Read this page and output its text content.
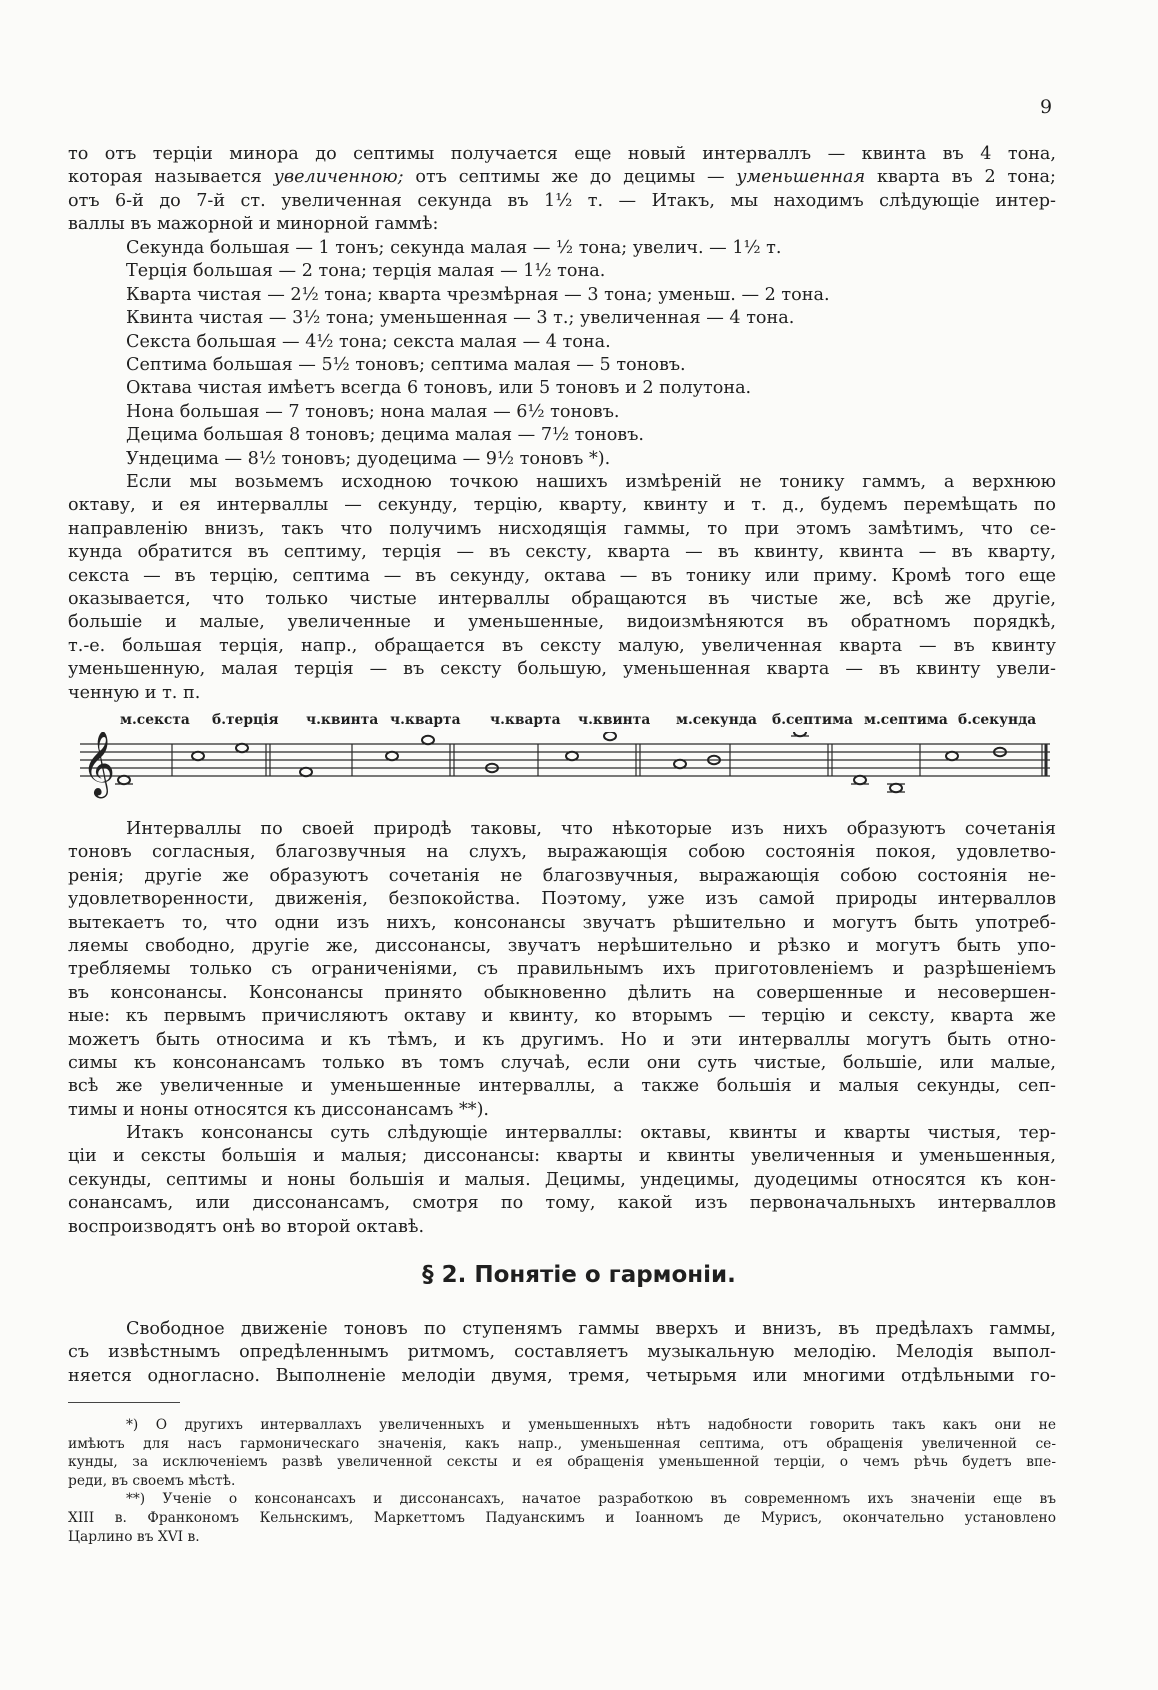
9
то отъ терціи минора до септимы получается еще новый интерваллъ — квинта въ 4 тона,
которая называется увеличенною; отъ септимы же до децимы — уменьшенная кварта въ 2 тона;
отъ 6-й до 7-й ст. увеличенная секунда въ 1½ т. — Итакъ, мы находимъ слѣдующіе интер-
валлы въ мажорной и минорной гаммѣ:
Секунда большая — 1 тонъ; секунда малая — ½ тона; увелич. — 1½ т.
Терція большая — 2 тона; терція малая — 1½ тона.
Кварта чистая — 2½ тона; кварта чрезмѣрная — 3 тона; уменьш. — 2 тона.
Квинта чистая — 3½ тона; уменьшенная — 3 т.; увеличенная — 4 тона.
Секста большая — 4½ тона; секста малая — 4 тона.
Септима большая — 5½ тоновъ; септима малая — 5 тоновъ.
Октава чистая имѣетъ всегда 6 тоновъ, или 5 тоновъ и 2 полутона.
Нона большая — 7 тоновъ; нона малая — 6½ тоновъ.
Децима большая 8 тоновъ; децима малая — 7½ тоновъ.
Ундецима — 8½ тоновъ; дуодецима — 9½ тоновъ *).
Если мы возьмемъ исходною точкою нашихъ измѣреній не тонику гаммъ, а верхнюю
октаву, и ея интерваллы — секунду, терцію, кварту, квинту и т. д., будемъ перемѣщать по
направленію внизъ, такъ что получимъ нисходящія гаммы, то при этомъ замѣтимъ, что се-
кунда обратится въ септиму, терція — въ сексту, кварта — въ квинту, квинта — въ кварту,
секста — въ терцію, септима — въ секунду, октава — въ тонику или приму. Кромѣ того еще
оказывается, что только чистые интерваллы обращаются въ чистые же, всѣ же другіе,
большіе и малые, увеличенные и уменьшенные, видоизмѣняются въ обратномъ порядкѣ,
т.-е. большая терція, напр., обращается въ сексту малую, увеличенная кварта — въ квинту
уменьшенную, малая терція — въ сексту большую, уменьшенная кварта — въ квинту увели-
ченную и т. п.
м.секста б.терція ч.квинта ч.кварта ч.кварта ч.квинта м.секунда б.септима м.септима б.секунда
𝄞
Интерваллы по своей природѣ таковы, что нѣкоторые изъ нихъ образуютъ сочетанія
тоновъ согласныя, благозвучныя на слухъ, выражающія собою состоянія покоя, удовлетво-
ренія; другіе же образуютъ сочетанія не благозвучныя, выражающія собою состоянія не-
удовлетворенности, движенія, безпокойства. Поэтому, уже изъ самой природы интерваллов
вытекаетъ то, что одни изъ нихъ, консонансы звучатъ рѣшительно и могутъ быть употреб-
ляемы свободно, другіе же, диссонансы, звучатъ нерѣшительно и рѣзко и могутъ быть упо-
требляемы только съ ограниченіями, съ правильнымъ ихъ приготовленіемъ и разрѣшеніемъ
въ консонансы. Консонансы принято обыкновенно дѣлить на совершенные и несовершен-
ные: къ первымъ причисляютъ октаву и квинту, ко вторымъ — терцію и сексту, кварта же
можетъ быть относима и къ тѣмъ, и къ другимъ. Но и эти интерваллы могутъ быть отно-
симы къ консонансамъ только въ томъ случаѣ, если они суть чистые, большіе, или малые,
всѣ же увеличенные и уменьшенные интерваллы, а также большія и малыя секунды, сеп-
тимы и ноны относятся къ диссонансамъ **).
Итакъ консонансы суть слѣдующіе интерваллы: октавы, квинты и кварты чистыя, тер-
ціи и сексты большія и малыя; диссонансы: кварты и квинты увеличенныя и уменьшенныя,
секунды, септимы и ноны большія и малыя. Децимы, ундецимы, дуодецимы относятся къ кон-
сонансамъ, или диссонансамъ, смотря по тому, какой изъ первоначальныхъ интерваллов
воспроизводятъ онѣ во второй октавѣ.
§ 2. Понятіе о гармоніи.
Свободное движеніе тоновъ по ступенямъ гаммы вверхъ и внизъ, въ предѣлахъ гаммы,
съ извѣстнымъ опредѣленнымъ ритмомъ, составляетъ музыкальную мелодію. Мелодія выпол-
няется одногласно. Выполненіе мелодіи двумя, тремя, четырьмя или многими отдѣльными го-
*) О другихъ интерваллахъ увеличенныхъ и уменьшенныхъ нѣтъ надобности говорить такъ какъ они не
имѣютъ для насъ гармоническаго значенія, какъ напр., уменьшенная септима, отъ обращенія увеличенной се-
кунды, за исключеніемъ развѣ увеличенной сексты и ея обращенія уменьшенной терціи, о чемъ рѣчь будетъ впе-
реди, въ своемъ мѣстѣ.
**) Ученіе о консонансахъ и диссонансахъ, начатое разработкою въ современномъ ихъ значеніи еще въ
XIII в. Франкономъ Кельнскимъ, Маркеттомъ Падуанскимъ и Іоанномъ де Мурисъ, окончательно установлено
Царлино въ XVI в.
